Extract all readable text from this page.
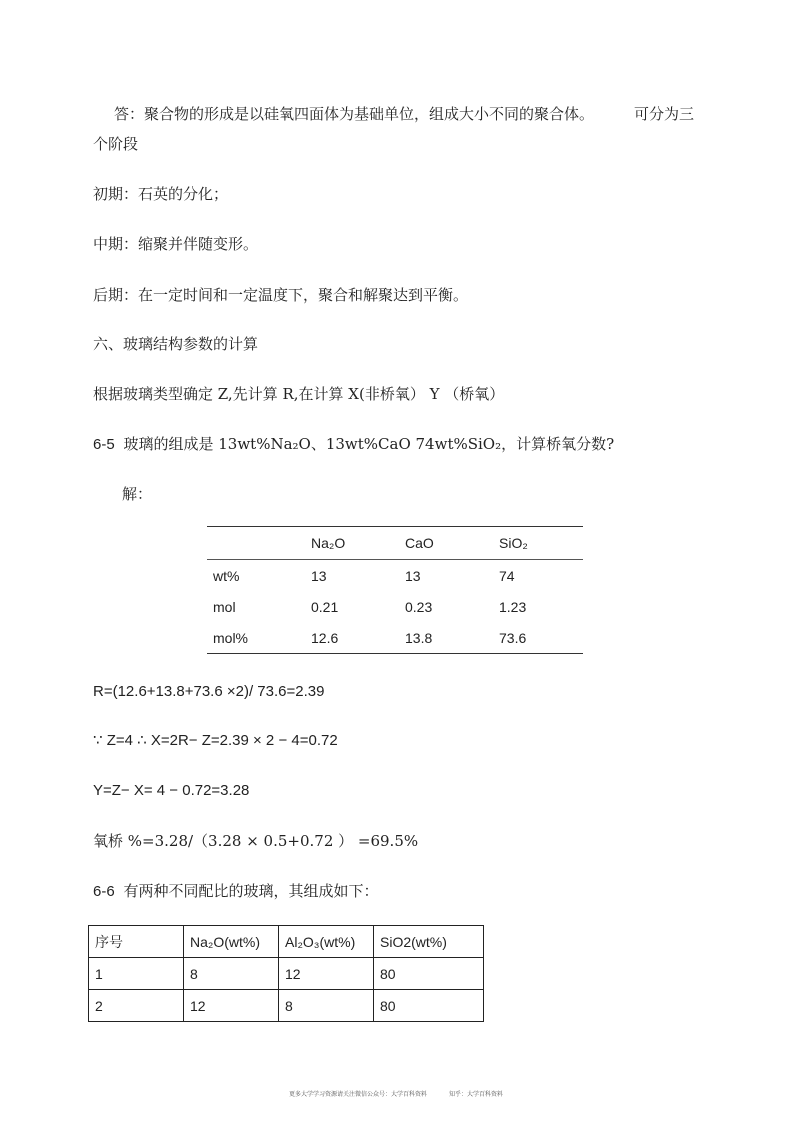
答：聚合物的形成是以硅氧四面体为基础单位，组成大小不同的聚合体。	可分为三
个阶段
初期：石英的分化；
中期：缩聚并伴随变形。
后期：在一定时间和一定温度下，聚合和解聚达到平衡。
六、玻璃结构参数的计算
根据玻璃类型确定 Z,先计算 R,在计算 X(非桥氧） Y （桥氧）
6-5 玻璃的组成是 13wt%Na₂O、13wt%CaO 74wt%SiO₂，计算桥氧分数?
解：
	Na₂O	CaO	SiO₂
wt%	13	13	74
mol	0.21	0.23	1.23
mol%	12.6	13.8	73.6
R=(12.6+13.8+73.6 ×2)/ 73.6=2.39
∵ Z=4 ∴ X=2R− Z=2.39 × 2 − 4=0.72
Y=Z− X= 4 − 0.72=3.28
氧桥 %=3.28/（3.28 × 0.5+0.72 ） =69.5%
6-6 有两种不同配比的玻璃，其组成如下：
序号	Na₂O(wt%)	Al₂O₃(wt%)	SiO2(wt%)
1	8	12	80
2	12	8	80
更多大学学习资源请关注微信公众号：大学百科资料	知乎：大学百科资料
